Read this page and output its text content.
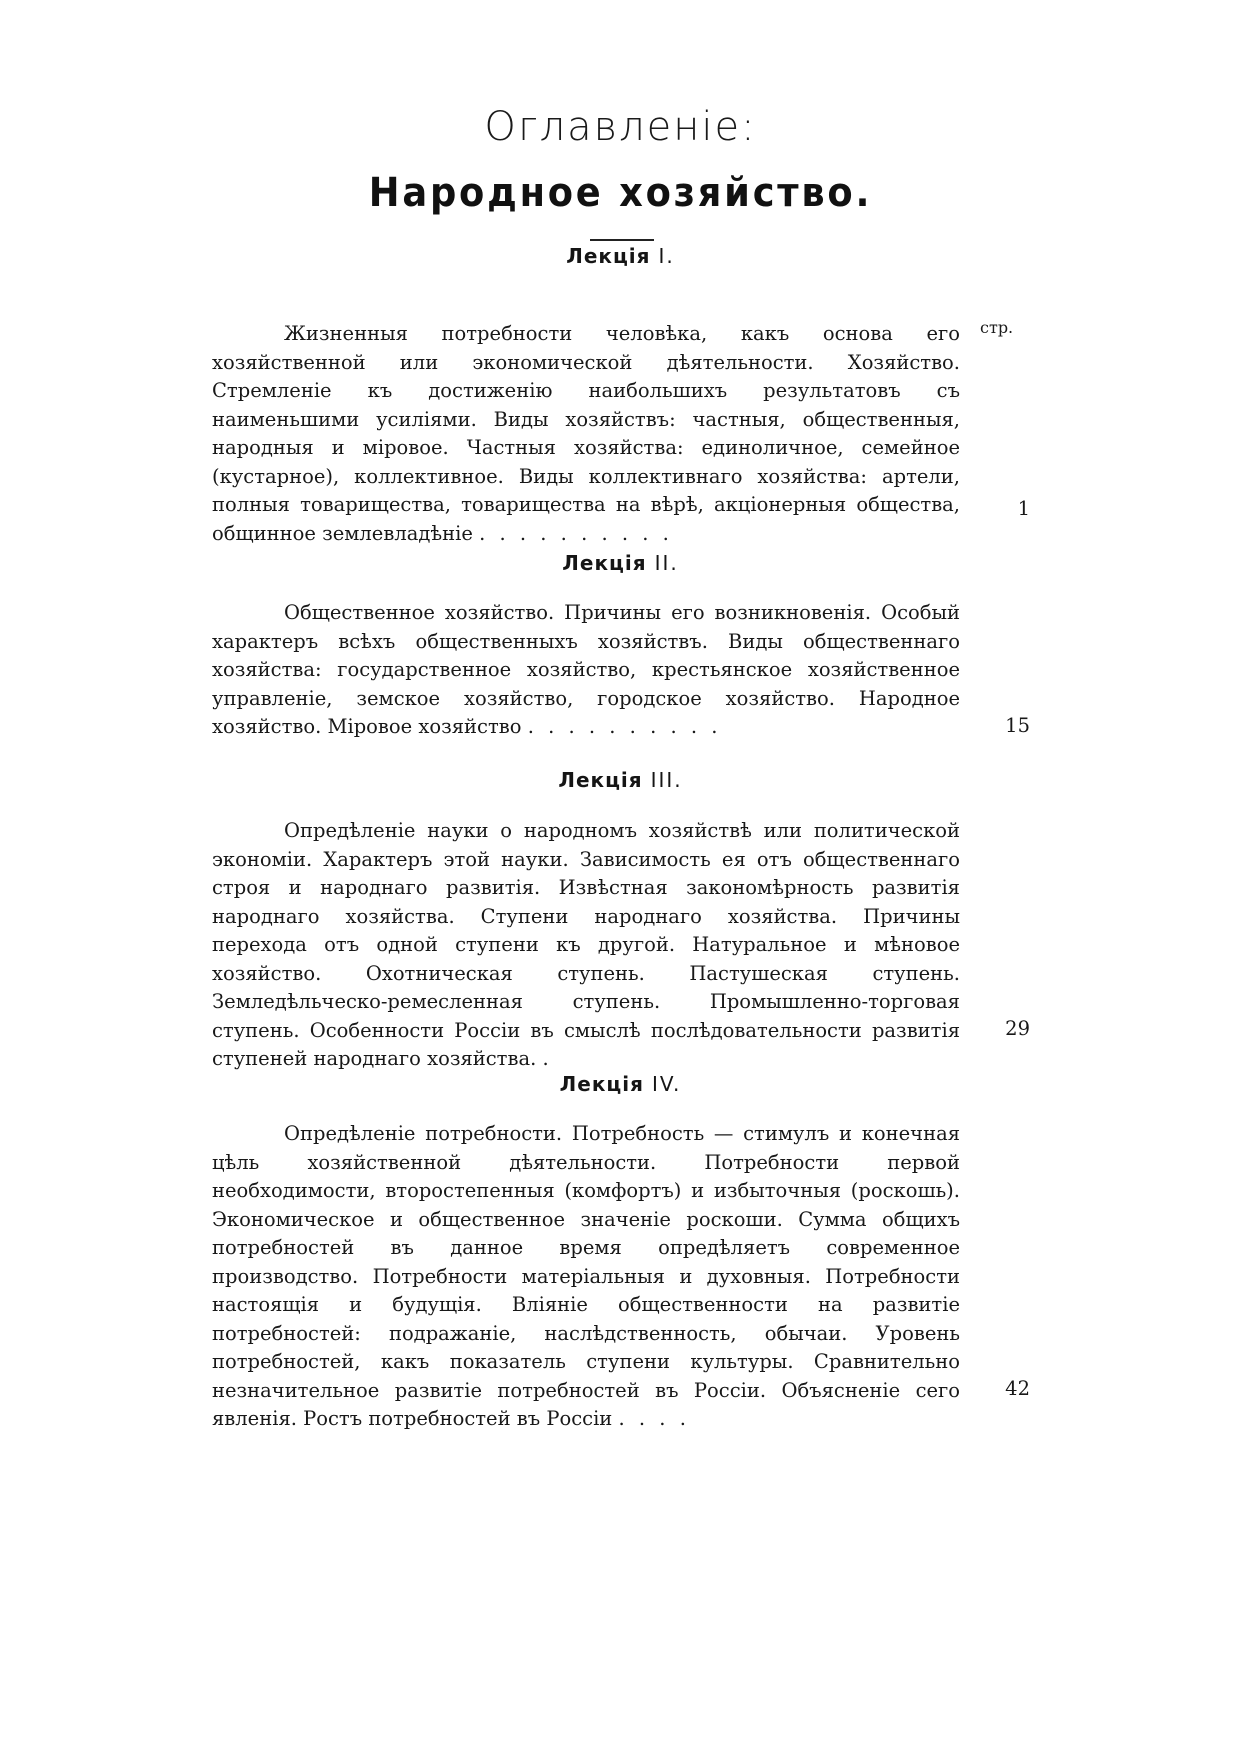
Оглавленiе:
Народное хозяйство.
стр.
Лекцiя I.

Жизненныя потребности человѣка, какъ основа его хозяйственной или экономической дѣятельности. Хозяйство. Стремленiе къ достиженiю наибольшихъ результатовъ съ наименьшими усилiями. Виды хозяйствъ: частныя, общественныя, народныя и мiровое. Частныя хозяйства: единоличное, семейное (кустарное), коллективное. Виды коллективнаго хозяйства: артели, полныя товарищества, товарищества на вѣрѣ, акцiонерныя общества, общинное землевладѣнiе . . . . . . . . . .

1
Лекцiя II.

Общественное хозяйство. Причины его возникновенiя. Особый характеръ всѣхъ общественныхъ хозяйствъ. Виды общественнаго хозяйства: государственное хозяйство, крестьянское хозяйственное управленiе, земское хозяйство, городское хозяйство. Народное хозяйство. Мiровое хозяйство . . . . . . . . . .	15
Лекцiя III.

Опредѣленiе науки о народномъ хозяйствѣ или политической экономiи. Характеръ этой науки. Зависимость ея отъ общественнаго строя и народнаго развитiя. Извѣстная закономѣрность развитiя народнаго хозяйства. Ступени народнаго хозяйства. Причины перехода отъ одной ступени къ другой. Натуральное и мѣновое хозяйство. Охотническая ступень. Пастушеская ступень. Земледѣльческо-ремесленная ступень. Промышленно-торговая ступень. Особенности Россiи въ смыслѣ послѣдовательности развитiя ступеней народнаго хозяйства. .

29
Лекцiя IV.

Опредѣленiе потребности. Потребность — стимулъ и конечная цѣль хозяйственной дѣятельности. Потребности первой необходимости, второстепенныя (комфортъ) и избыточныя (роскошь). Экономическое и общественное значенiе роскоши. Сумма общихъ потребностей въ данное время опредѣляетъ современное производство. Потребности матерiальныя и духовныя. Потребности настоящiя и будущiя. Влiянiе общественности на развитiе потребностей: подражанiе, наслѣдственность, обычаи. Уровень потребностей, какъ показатель ступени культуры. Сравнительно незначительное развитiе потребностей въ Россiи. Объясненiе сего явленiя. Ростъ потребностей въ Россiи . . . .

42
